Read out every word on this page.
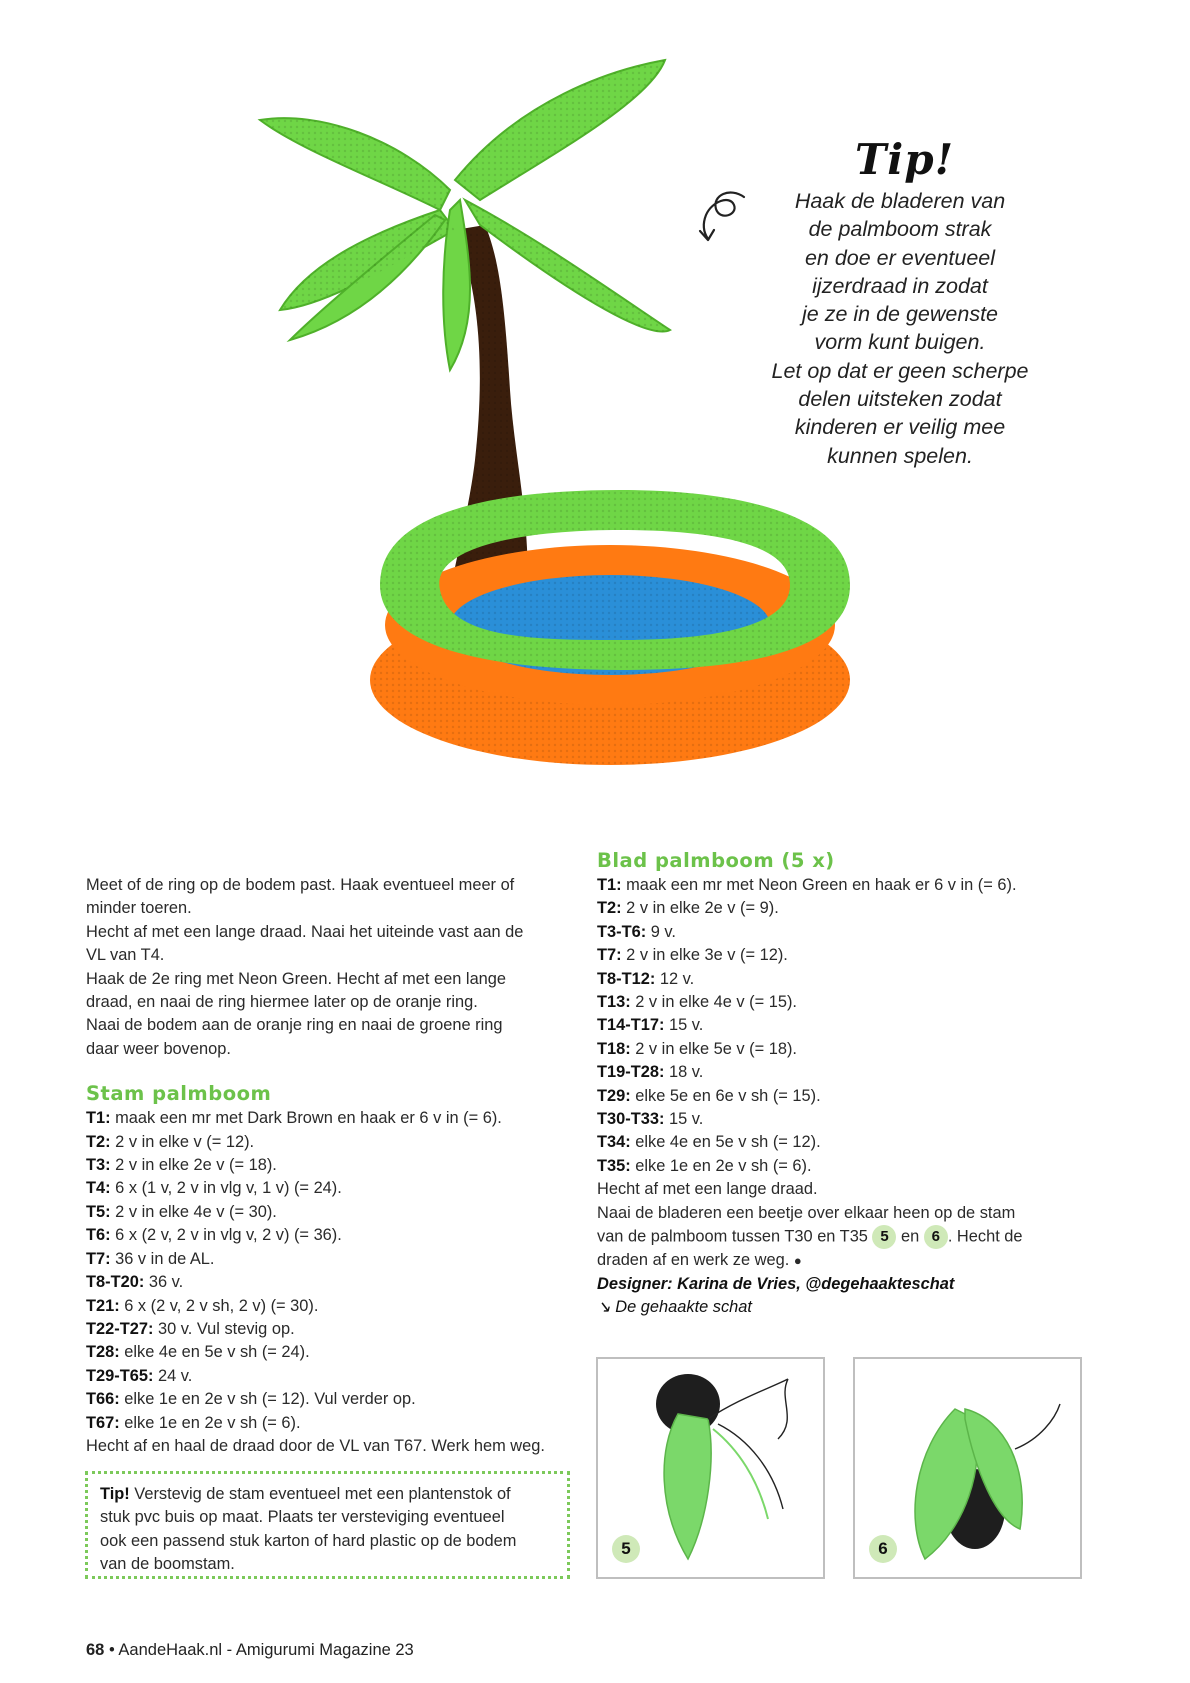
Tip!
Haak de bladeren van
de palmboom strak
en doe er eventueel
ijzerdraad in zodat
je ze in de gewenste
vorm kunt buigen.
Let op dat er geen scherpe
delen uitsteken zodat
kinderen er veilig mee
kunnen spelen.
Meet of de ring op de bodem past. Haak eventueel meer of
minder toeren.
Hecht af met een lange draad. Naai het uiteinde vast aan de
VL van T4.
Haak de 2e ring met Neon Green. Hecht af met een lange
draad, en naai de ring hiermee later op de oranje ring.
Naai de bodem aan de oranje ring en naai de groene ring
daar weer bovenop.
Stam palmboom
T1: maak een mr met Dark Brown en haak er 6 v in (= 6).
T2: 2 v in elke v (= 12).
T3: 2 v in elke 2e v (= 18).
T4: 6 x (1 v, 2 v in vlg v, 1 v) (= 24).
T5: 2 v in elke 4e v (= 30).
T6: 6 x (2 v, 2 v in vlg v, 2 v) (= 36).
T7: 36 v in de AL.
T8-T20: 36 v.
T21: 6 x (2 v, 2 v sh, 2 v) (= 30).
T22-T27: 30 v. Vul stevig op.
T28: elke 4e en 5e v sh (= 24).
T29-T65: 24 v.
T66: elke 1e en 2e v sh (= 12). Vul verder op.
T67: elke 1e en 2e v sh (= 6).
Hecht af en haal de draad door de VL van T67. Werk hem weg.
Tip! Verstevig de stam eventueel met een plantenstok of
stuk pvc buis op maat. Plaats ter versteviging eventueel
ook een passend stuk karton of hard plastic op de bodem
van de boomstam.
Blad palmboom (5 x)
T1: maak een mr met Neon Green en haak er 6 v in (= 6).
T2: 2 v in elke 2e v (= 9).
T3-T6: 9 v.
T7: 2 v in elke 3e v (= 12).
T8-T12: 12 v.
T13: 2 v in elke 4e v (= 15).
T14-T17: 15 v.
T18: 2 v in elke 5e v (= 18).
T19-T28: 18 v.
T29: elke 5e en 6e v sh (= 15).
T30-T33: 15 v.
T34: elke 4e en 5e v sh (= 12).
T35: elke 1e en 2e v sh (= 6).
Hecht af met een lange draad.
Naai de bladeren een beetje over elkaar heen op de stam
van de palmboom tussen T30 en T35 5 en 6 . Hecht de
draden af en werk ze weg. ●
Designer: Karina de Vries, @degehaakteschat
↘ De gehaakte schat
5	6
68 • AandeHaak.nl - Amigurumi Magazine 23
